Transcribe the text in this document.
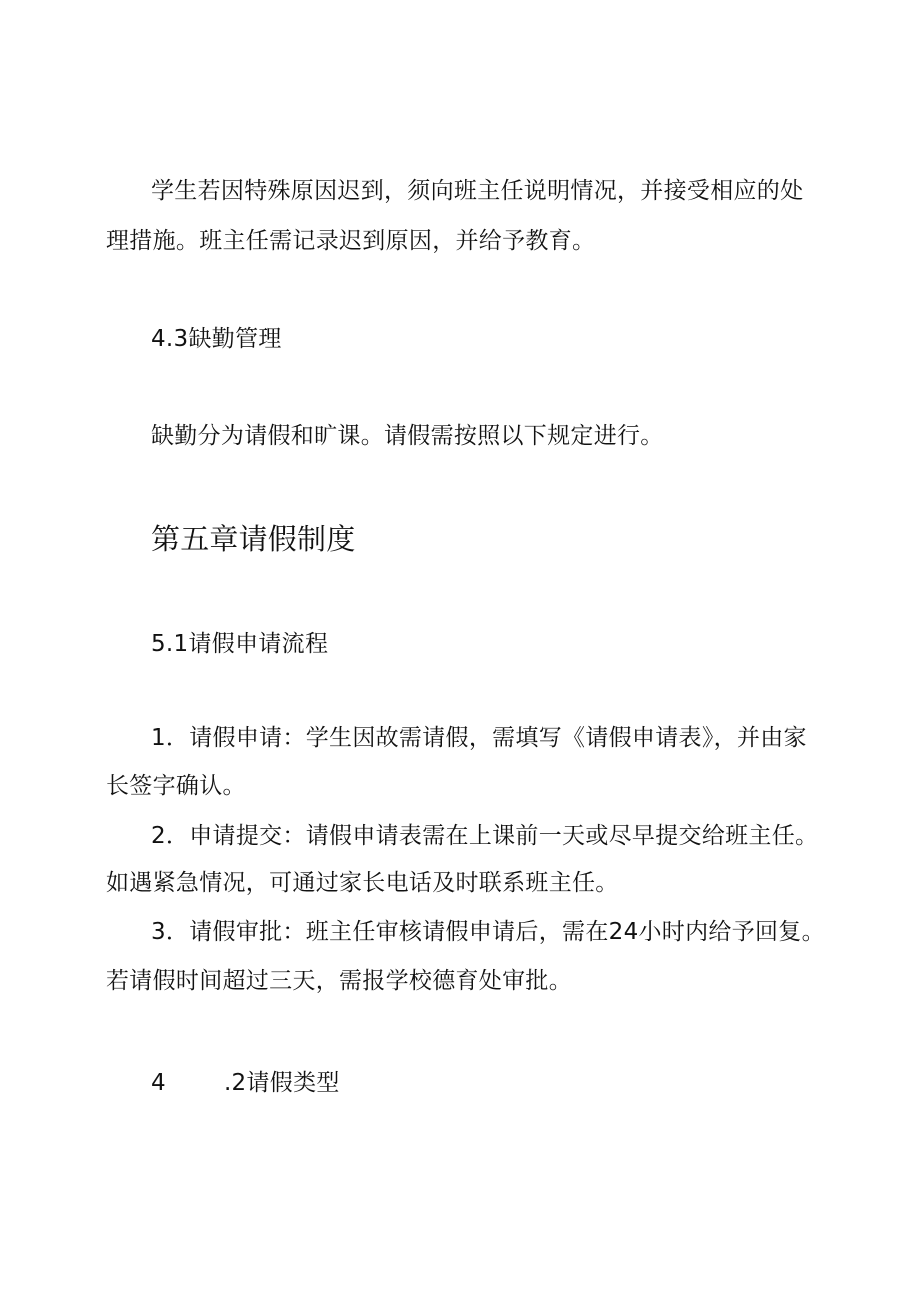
学生若因特殊原因迟到，须向班主任说明情况，并接受相应的处
理措施。班主任需记录迟到原因，并给予教育。
4.3缺勤管理
缺勤分为请假和旷课。请假需按照以下规定进行。
第五章请假制度
5.1请假申请流程
1．请假申请：学生因故需请假，需填写《请假申请表》，并由家
长签字确认。
2．申请提交：请假申请表需在上课前一天或尽早提交给班主任。
如遇紧急情况，可通过家长电话及时联系班主任。
3．请假审批：班主任审核请假申请后，需在24小时内给予回复。
若请假时间超过三天，需报学校德育处审批。
4	.2请假类型
